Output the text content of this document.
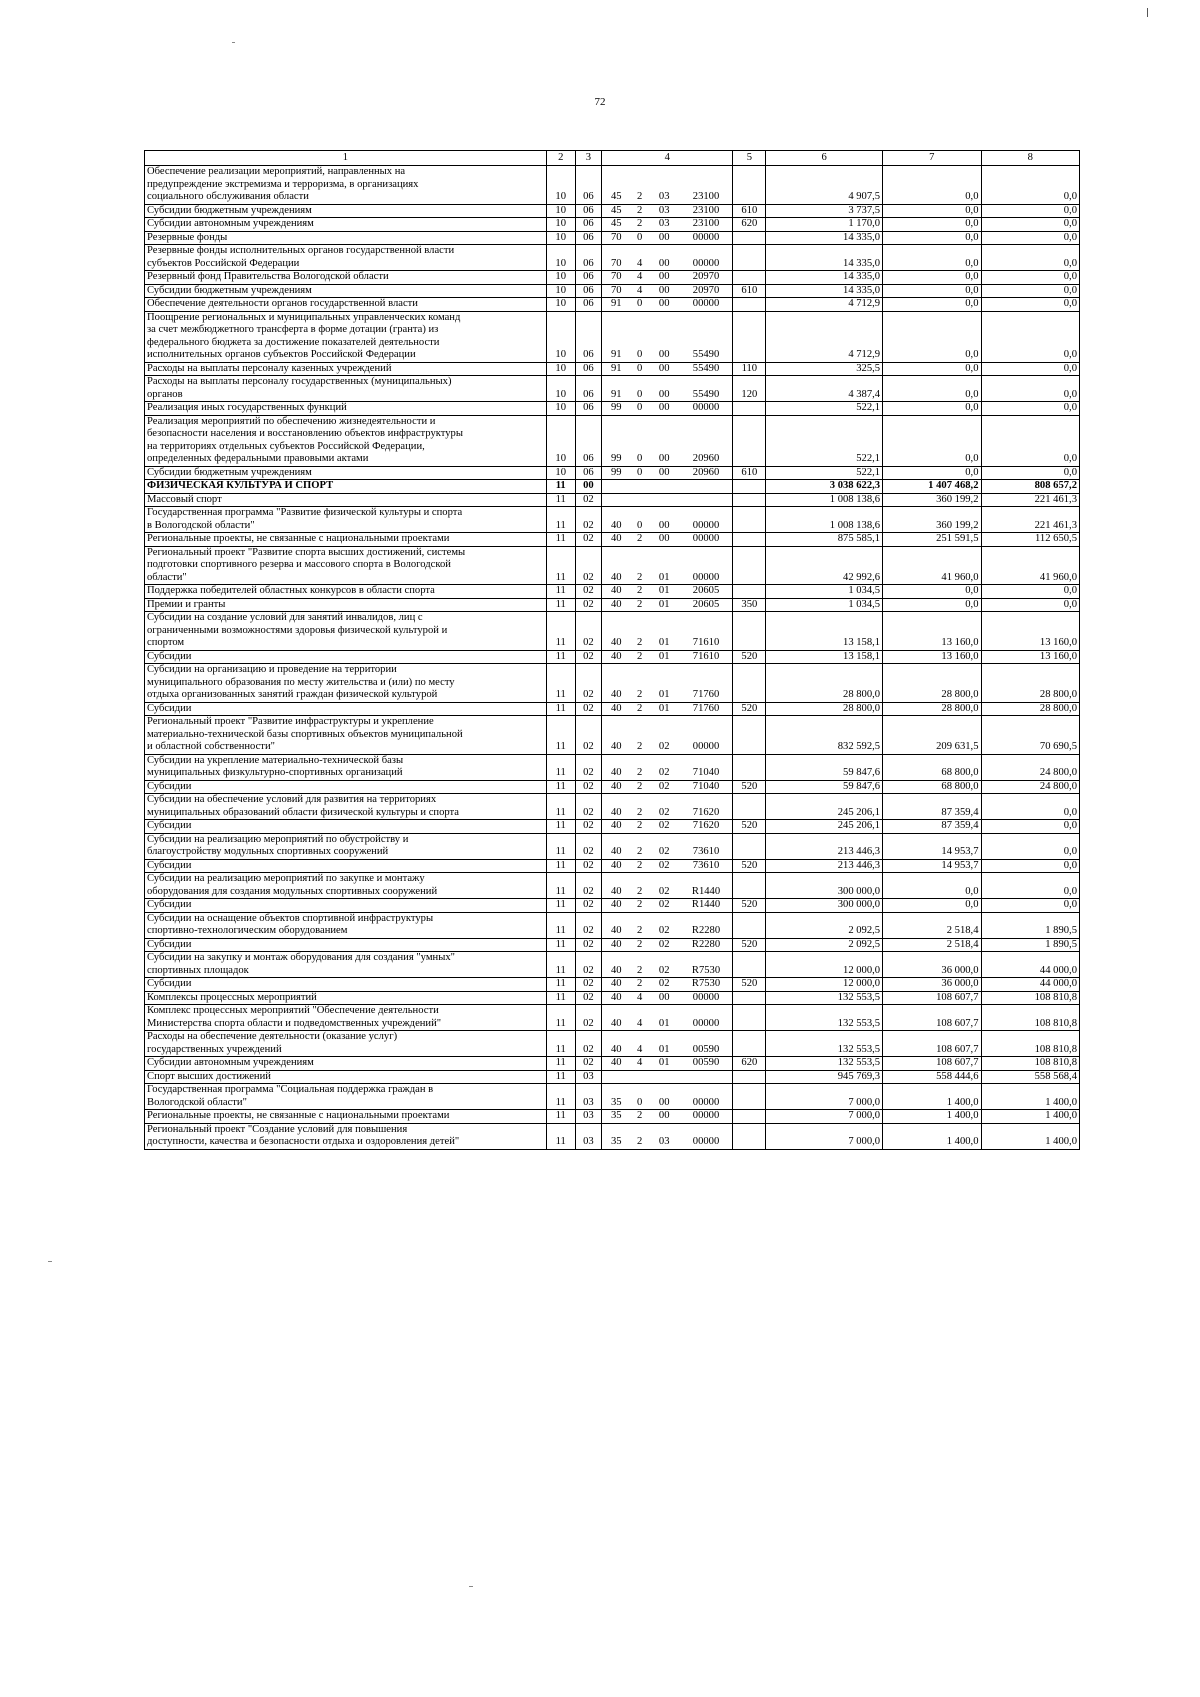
72
1	2	3	4				5	6	7	8
Обеспечение реализации мероприятий, направленных на
предупреждение экстремизма и терроризма, в организациях
социального обслуживания области	10	06	45	2	03	23100		4 907,5	0,0	0,0
Субсидии бюджетным учреждениям	10	06	45	2	03	23100	610	3 737,5	0,0	0,0
Субсидии автономным учреждениям	10	06	45	2	03	23100	620	1 170,0	0,0	0,0
Резервные фонды	10	06	70	0	00	00000		14 335,0	0,0	0,0
Резервные фонды исполнительных органов государственной власти
субъектов Российской Федерации	10	06	70	4	00	00000		14 335,0	0,0	0,0
Резервный фонд Правительства Вологодской области	10	06	70	4	00	20970		14 335,0	0,0	0,0
Субсидии бюджетным учреждениям	10	06	70	4	00	20970	610	14 335,0	0,0	0,0
Обеспечение деятельности органов государственной власти	10	06	91	0	00	00000		4 712,9	0,0	0,0
Поощрение региональных и муниципальных управленческих команд
за счет межбюджетного трансферта в форме дотации (гранта) из
федерального бюджета за достижение показателей деятельности
исполнительных органов субъектов Российской Федерации	10	06	91	0	00	55490		4 712,9	0,0	0,0
Расходы на выплаты персоналу казенных учреждений	10	06	91	0	00	55490	110	325,5	0,0	0,0
Расходы на выплаты персоналу государственных (муниципальных)
органов	10	06	91	0	00	55490	120	4 387,4	0,0	0,0
Реализация иных государственных функций	10	06	99	0	00	00000		522,1	0,0	0,0
Реализация мероприятий по обеспечению жизнедеятельности и
безопасности населения и восстановлению объектов инфраструктуры
на территориях отдельных субъектов Российской Федерации,
определенных федеральными правовыми актами	10	06	99	0	00	20960		522,1	0,0	0,0
Субсидии бюджетным учреждениям	10	06	99	0	00	20960	610	522,1	0,0	0,0
ФИЗИЧЕСКАЯ КУЛЬТУРА И СПОРТ	11	00						3 038 622,3	1 407 468,2	808 657,2
Массовый спорт	11	02						1 008 138,6	360 199,2	221 461,3
Государственная программа "Развитие физической культуры и спорта
в Вологодской области"	11	02	40	0	00	00000		1 008 138,6	360 199,2	221 461,3
Региональные проекты, не связанные с национальными проектами	11	02	40	2	00	00000		875 585,1	251 591,5	112 650,5
Региональный проект "Развитие спорта высших достижений, системы
подготовки спортивного резерва и массового спорта в Вологодской
области"	11	02	40	2	01	00000		42 992,6	41 960,0	41 960,0
Поддержка победителей областных конкурсов в области спорта	11	02	40	2	01	20605		1 034,5	0,0	0,0
Премии и гранты	11	02	40	2	01	20605	350	1 034,5	0,0	0,0
Субсидии на создание условий для занятий инвалидов, лиц с
ограниченными возможностями здоровья физической культурой и
спортом	11	02	40	2	01	71610		13 158,1	13 160,0	13 160,0
Субсидии	11	02	40	2	01	71610	520	13 158,1	13 160,0	13 160,0
Субсидии на организацию и проведение на территории
муниципального образования по месту жительства и (или) по месту
отдыха организованных занятий граждан физической культурой	11	02	40	2	01	71760		28 800,0	28 800,0	28 800,0
Субсидии	11	02	40	2	01	71760	520	28 800,0	28 800,0	28 800,0
Региональный проект "Развитие инфраструктуры и укрепление
материально-технической базы спортивных объектов муниципальной
и областной собственности"	11	02	40	2	02	00000		832 592,5	209 631,5	70 690,5
Субсидии на укрепление материально-технической базы
муниципальных физкультурно-спортивных организаций	11	02	40	2	02	71040		59 847,6	68 800,0	24 800,0
Субсидии	11	02	40	2	02	71040	520	59 847,6	68 800,0	24 800,0
Субсидии на обеспечение условий для развития на территориях
муниципальных образований области физической культуры и спорта	11	02	40	2	02	71620		245 206,1	87 359,4	0,0
Субсидии	11	02	40	2	02	71620	520	245 206,1	87 359,4	0,0
Субсидии на реализацию мероприятий по обустройству и
благоустройству модульных спортивных сооружений	11	02	40	2	02	73610		213 446,3	14 953,7	0,0
Субсидии	11	02	40	2	02	73610	520	213 446,3	14 953,7	0,0
Субсидии на реализацию мероприятий по закупке и монтажу
оборудования для создания модульных спортивных сооружений	11	02	40	2	02	R1440		300 000,0	0,0	0,0
Субсидии	11	02	40	2	02	R1440	520	300 000,0	0,0	0,0
Субсидии на оснащение объектов спортивной инфраструктуры
спортивно-технологическим оборудованием	11	02	40	2	02	R2280		2 092,5	2 518,4	1 890,5
Субсидии	11	02	40	2	02	R2280	520	2 092,5	2 518,4	1 890,5
Субсидии на закупку и монтаж оборудования для создания "умных"
спортивных площадок	11	02	40	2	02	R7530		12 000,0	36 000,0	44 000,0
Субсидии	11	02	40	2	02	R7530	520	12 000,0	36 000,0	44 000,0
Комплексы процессных мероприятий	11	02	40	4	00	00000		132 553,5	108 607,7	108 810,8
Комплекс процессных мероприятий "Обеспечение деятельности
Министерства спорта области и подведомственных учреждений"	11	02	40	4	01	00000		132 553,5	108 607,7	108 810,8
Расходы на обеспечение деятельности (оказание услуг)
государственных учреждений	11	02	40	4	01	00590		132 553,5	108 607,7	108 810,8
Субсидии автономным учреждениям	11	02	40	4	01	00590	620	132 553,5	108 607,7	108 810,8
Спорт высших достижений	11	03						945 769,3	558 444,6	558 568,4
Государственная программа "Социальная поддержка граждан в
Вологодской области"	11	03	35	0	00	00000		7 000,0	1 400,0	1 400,0
Региональные проекты, не связанные с национальными проектами	11	03	35	2	00	00000		7 000,0	1 400,0	1 400,0
Региональный проект "Создание условий для повышения
доступности, качества и безопасности отдыха и оздоровления детей"	11	03	35	2	03	00000		7 000,0	1 400,0	1 400,0
